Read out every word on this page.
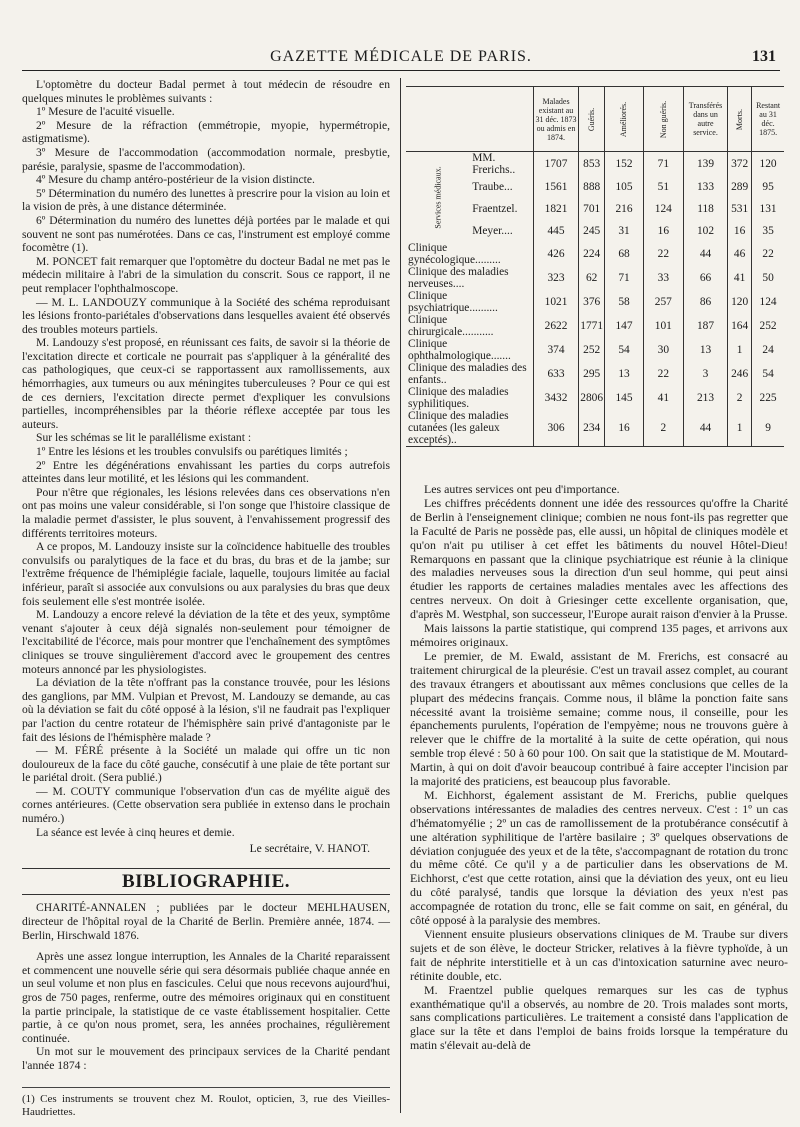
GAZETTE MÉDICALE DE PARIS.	131

L'optomètre du docteur Badal permet à tout médecin de résoudre en quelques minutes le problèmes suivants :

1º Mesure de l'acuité visuelle.

2º Mesure de la réfraction (emmétropie, myopie, hypermétropie, astigmatisme).

3º Mesure de l'accommodation (accommodation normale, presbytie, parésie, paralysie, spasme de l'accommodation).

4º Mesure du champ antéro-postérieur de la vision distincte.

5º Détermination du numéro des lunettes à prescrire pour la vision au loin et la vision de près, à une distance déterminée.

6º Détermination du numéro des lunettes déjà portées par le malade et qui souvent ne sont pas numérotées. Dans ce cas, l'instrument est employé comme focomètre (1).

M. PONCET fait remarquer que l'optomètre du docteur Badal ne met pas le médecin militaire à l'abri de la simulation du conscrit. Sous ce rapport, il ne peut remplacer l'ophthalmoscope.

— M. L. LANDOUZY communique à la Société des schéma reproduisant les lésions fronto-pariétales d'observations dans lesquelles avaient été observés des troubles moteurs partiels.

M. Landouzy s'est proposé, en réunissant ces faits, de savoir si la théorie de l'excitation directe et corticale ne pourrait pas s'appliquer à la généralité des cas pathologiques, que ceux-ci se rapportassent aux ramollissements, aux hémorrhagies, aux tumeurs ou aux méningites tuberculeuses ? Pour ce qui est de ces derniers, l'excitation directe permet d'expliquer les convulsions partielles, incompréhensibles par la théorie réflexe acceptée par tous les auteurs.

Sur les schémas se lit le parallélisme existant :

1º Entre les lésions et les troubles convulsifs ou parétiques limités ;

2º Entre les dégénérations envahissant les parties du corps autrefois atteintes dans leur motilité, et les lésions qui les commandent.

Pour n'être que régionales, les lésions relevées dans ces observations n'en ont pas moins une valeur considérable, si l'on songe que l'histoire classique de la maladie permet d'assister, le plus souvent, à l'envahissement progressif des différents territoires moteurs.

A ce propos, M. Landouzy insiste sur la coïncidence habituelle des troubles convulsifs ou paralytiques de la face et du bras, du bras et de la jambe; sur l'extrême fréquence de l'hémiplégie faciale, laquelle, toujours limitée au facial inférieur, paraît si associée aux convulsions ou aux paralysies du bras que deux fois seulement elle s'est montrée isolée.

M. Landouzy a encore relevé la déviation de la tête et des yeux, symptôme venant s'ajouter à ceux déjà signalés non-seulement pour témoigner de l'excitabilité de l'écorce, mais pour montrer que l'enchaînement des symptômes cliniques se trouve singulièrement d'accord avec le groupement des centres moteurs annoncé par les physiologistes.

La déviation de la tête n'offrant pas la constance trouvée, pour les lésions des ganglions, par MM. Vulpian et Prevost, M. Landouzy se demande, au cas où la déviation se fait du côté opposé à la lésion, s'il ne faudrait pas l'expliquer par l'action du centre rotateur de l'hémisphère sain privé d'antagoniste par le fait des lésions de l'hémisphère malade ?

— M. FÉRÉ présente à la Société un malade qui offre un tic non douloureux de la face du côté gauche, consécutif à une plaie de tête portant sur le pariétal droit. (Sera publié.)

— M. COUTY communique l'observation d'un cas de myélite aiguë des cornes antérieures. (Cette observation sera publiée in extenso dans le prochain numéro.)

La séance est levée à cinq heures et demie.

Le secrétaire, V. HANOT.

BIBLIOGRAPHIE.

CHARITÉ-ANNALEN ; publiées par le docteur MEHLHAUSEN, directeur de l'hôpital royal de la Charité de Berlin. Première année, 1874. — Berlin, Hirschwald 1876.

Après une assez longue interruption, les Annales de la Charité reparaissent et commencent une nouvelle série qui sera désormais publiée chaque année en un seul volume et non plus en fascicules. Celui que nous recevons aujourd'hui, gros de 750 pages, renferme, outre des mémoires originaux qui en constituent la partie principale, la statistique de ce vaste établissement hospitalier. Cette partie, à ce qu'on nous promet, sera, les années prochaines, régulièrement continuée.

Un mot sur le mouvement des principaux services de la Charité pendant l'année 1874 :

(1) Ces instruments se trouvent chez M. Roulot, opticien, 3, rue des Vieilles-Haudriettes.

		Malades existant au 31 déc. 1873 ou admis en 1874.	Guéris.	Améliorés.	Non guéris.	Transférés dans un autre service.	Morts.	Restant au 31 déc. 1875.
Services médicaux.	MM. Frerichs..	1707	853	152	71	139	372	120
	Traube...	1561	888	105	51	133	289	95
	Fraentzel.	1821	701	216	124	118	531	131
	Meyer....	445	245	31	16	102	16	35
Clinique gynécologique.........		426	224	68	22	44	46	22
Clinique des maladies nerveuses....		323	62	71	33	66	41	50
Clinique psychiatrique..........		1021	376	58	257	86	120	124
Clinique chirurgicale...........		2622	1771	147	101	187	164	252
Clinique ophthalmologique.......		374	252	54	30	13	1	24
Clinique des maladies des enfants..		633	295	13	22	3	246	54
Clinique des maladies syphilitiques.		3432	2806	145	41	213	2	225
Clinique des maladies cutanées (les galeux exceptés)..		306	234	16	2	44	1	9

Les autres services ont peu d'importance.

Les chiffres précédents donnent une idée des ressources qu'offre la Charité de Berlin à l'enseignement clinique; combien ne nous font-ils pas regretter que la Faculté de Paris ne possède pas, elle aussi, un hôpital de cliniques modèle et qu'on n'ait pu utiliser à cet effet les bâtiments du nouvel Hôtel-Dieu! Remarquons en passant que la clinique psychiatrique est réunie à la clinique des maladies nerveuses sous la direction d'un seul homme, qui peut ainsi étudier les rapports de certaines maladies mentales avec les affections des centres nerveux. On doit à Griesinger cette excellente organisation, que, d'après M. Westphal, son successeur, l'Europe aurait raison d'envier à la Prusse.

Mais laissons la partie statistique, qui comprend 135 pages, et arrivons aux mémoires originaux.

Le premier, de M. Ewald, assistant de M. Frerichs, est consacré au traitement chirurgical de la pleurésie. C'est un travail assez complet, au courant des travaux étrangers et aboutissant aux mêmes conclusions que celles de la plupart des médecins français. Comme nous, il blâme la ponction faite sans nécessité avant la troisième semaine; comme nous, il conseille, pour les épanchements purulents, l'opération de l'empyème; nous ne trouvons guère à relever que le chiffre de la mortalité à la suite de cette opération, qui nous semble trop élevé : 50 à 60 pour 100. On sait que la statistique de M. Moutard-Martin, à qui on doit d'avoir beaucoup contribué à faire accepter l'incision par la majorité des praticiens, est beaucoup plus favorable.

M. Eichhorst, également assistant de M. Frerichs, publie quelques observations intéressantes de maladies des centres nerveux. C'est : 1º un cas d'hématomyélie ; 2º un cas de ramollissement de la protubérance consécutif à une altération syphilitique de l'artère basilaire ; 3º quelques observations de déviation conjuguée des yeux et de la tête, s'accompagnant de rotation du tronc du même côté. Ce qu'il y a de particulier dans les observations de M. Eichhorst, c'est que cette rotation, ainsi que la déviation des yeux, ont eu lieu du côté paralysé, tandis que lorsque la déviation des yeux n'est pas accompagnée de rotation du tronc, elle se fait comme on sait, en général, du côté opposé à la paralysie des membres.

Viennent ensuite plusieurs observations cliniques de M. Traube sur divers sujets et de son élève, le docteur Stricker, relatives à la fièvre typhoïde, à un fait de néphrite interstitielle et à un cas d'intoxication saturnine avec neuro-rétinite double, etc.

M. Fraentzel publie quelques remarques sur les cas de typhus exanthématique qu'il a observés, au nombre de 20. Trois malades sont morts, sans complications particulières. Le traitement a consisté dans l'application de glace sur la tête et dans l'emploi de bains froids lorsque la température du matin s'élevait au-delà de
